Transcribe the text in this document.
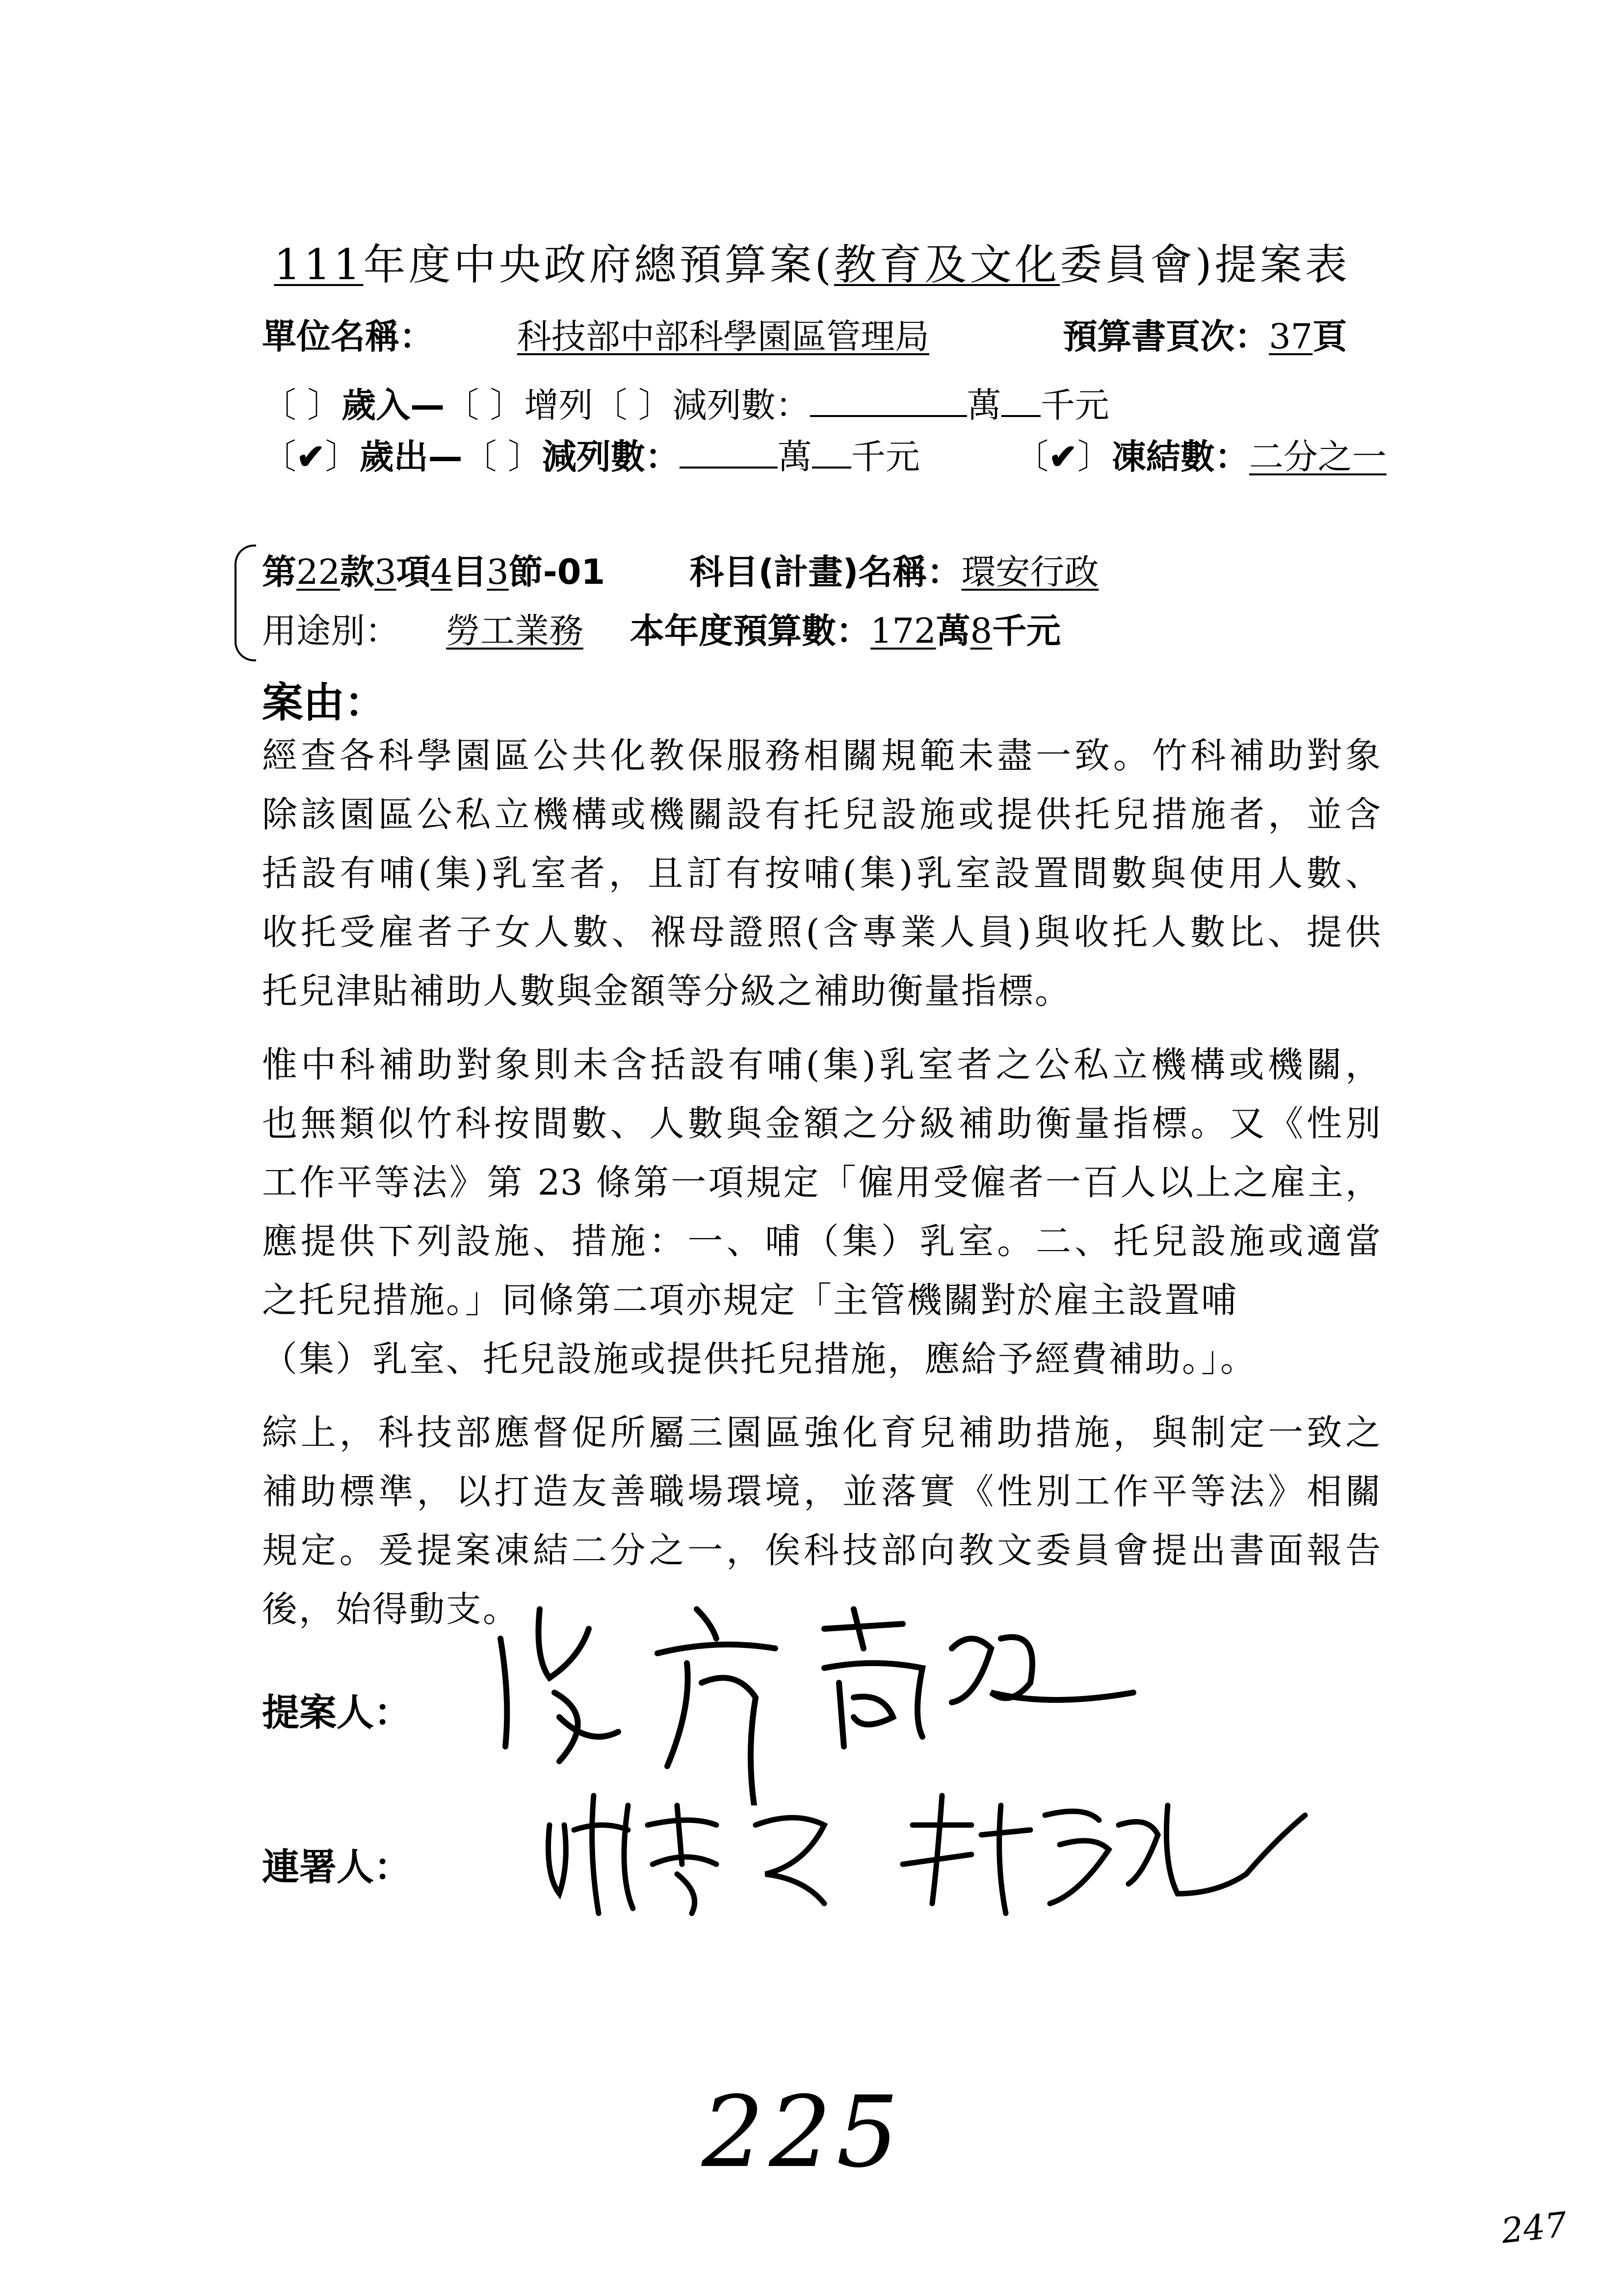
111年度中央政府總預算案(教育及文化委員會)提案表
單位名稱： 科技部中部科學園區管理局	預算書頁次：37頁
〔 〕歲入—〔 〕增列〔 〕減列數：	萬 千元
〔✔〕歲出—〔 〕減列數：	萬 千元	〔✔〕凍結數：二分之一
第22款3項4目3節-01 科目(計畫)名稱：環安行政
用途別： 勞工業務 本年度預算數：172萬8千元
案由：
經查各科學園區公共化教保服務相關規範未盡一致。竹科補助對象
除該園區公私立機構或機關設有托兒設施或提供托兒措施者，並含
括設有哺(集)乳室者，且訂有按哺(集)乳室設置間數與使用人數、
收托受雇者子女人數、褓母證照(含專業人員)與收托人數比、提供
托兒津貼補助人數與金額等分級之補助衡量指標。
惟中科補助對象則未含括設有哺(集)乳室者之公私立機構或機關，
也無類似竹科按間數、人數與金額之分級補助衡量指標。又《性別
工作平等法》第 23 條第一項規定「僱用受僱者一百人以上之雇主，
應提供下列設施、措施：一、哺（集）乳室。二、托兒設施或適當
之托兒措施。」同條第二項亦規定「主管機關對於雇主設置哺
（集）乳室、托兒設施或提供托兒措施，應給予經費補助。」。
綜上，科技部應督促所屬三園區強化育兒補助措施，與制定一致之
補助標準，以打造友善職場環境，並落實《性別工作平等法》相關
規定。爰提案凍結二分之一，俟科技部向教文委員會提出書面報告
後，始得動支。
提案人：
連署人：
225
247
